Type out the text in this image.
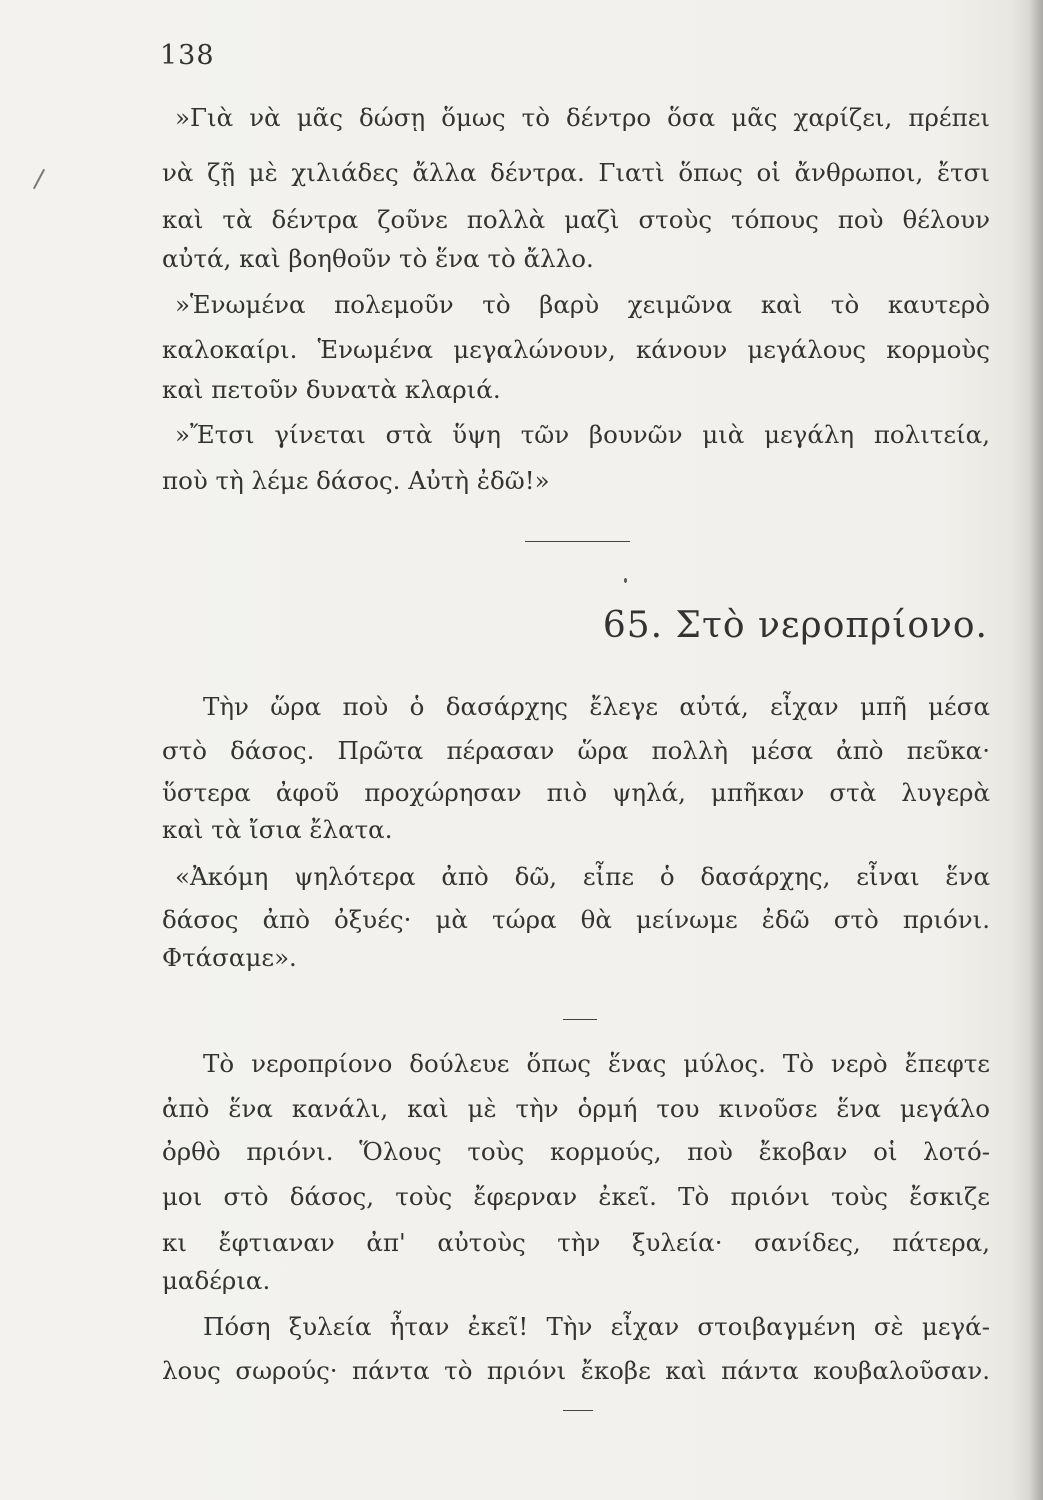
138
»Γιὰ νὰ μᾶς δώσῃ ὅμως τὸ δέντρο ὅσα μᾶς χαρίζει, πρέπει
νὰ ζῇ μὲ χιλιάδες ἄλλα δέντρα. Γιατὶ ὅπως οἱ ἄνθρωποι, ἔτσι
καὶ τὰ δέντρα ζοῦνε πολλὰ μαζὶ στοὺς τόπους ποὺ θέλουν
αὐτά, καὶ βοηθοῦν τὸ ἕνα τὸ ἄλλο.
»Ἑνωμένα πολεμοῦν τὸ βαρὺ χειμῶνα καὶ τὸ καυτερὸ
καλοκαίρι. Ἑνωμένα μεγαλώνουν, κάνουν μεγάλους κορμοὺς
καὶ πετοῦν δυνατὰ κλαριά.
»Ἔτσι γίνεται στὰ ὕψη τῶν βουνῶν μιὰ μεγάλη πολιτεία,
ποὺ τὴ λέμε δάσος. Αὐτὴ ἐδῶ!»
65. Στὸ νεροπρίονο.
Τὴν ὥρα ποὺ ὁ δασάρχης ἔλεγε αὐτά, εἶχαν μπῆ μέσα
στὸ δάσος. Πρῶτα πέρασαν ὥρα πολλὴ μέσα ἀπὸ πεῦκα·
ὕστερα ἀφοῦ προχώρησαν πιὸ ψηλά, μπῆκαν στὰ λυγερὰ
καὶ τὰ ἴσια ἔλατα.
«Ἀκόμη ψηλότερα ἀπὸ δῶ, εἶπε ὁ δασάρχης, εἶναι ἕνα
δάσος ἀπὸ ὀξυές· μὰ τώρα θὰ μείνωμε ἐδῶ στὸ πριόνι.
Φτάσαμε».
Τὸ νεροπρίονο δούλευε ὅπως ἕνας μύλος. Τὸ νερὸ ἔπεφτε
ἀπὸ ἕνα κανάλι, καὶ μὲ τὴν ὁρμή του κινοῦσε ἕνα μεγάλο
ὀρθὸ πριόνι. Ὅλους τοὺς κορμούς, ποὺ ἔκοβαν οἱ λοτό-
μοι στὸ δάσος, τοὺς ἔφερναν ἐκεῖ. Τὸ πριόνι τοὺς ἔσκιζε
κι ἔφτιαναν ἀπ' αὐτοὺς τὴν ξυλεία· σανίδες, πάτερα,
μαδέρια.
Πόση ξυλεία ἦταν ἐκεῖ! Τὴν εἶχαν στοιβαγμένη σὲ μεγά-
λους σωρούς· πάντα τὸ πριόνι ἔκοβε καὶ πάντα κουβαλοῦσαν.
